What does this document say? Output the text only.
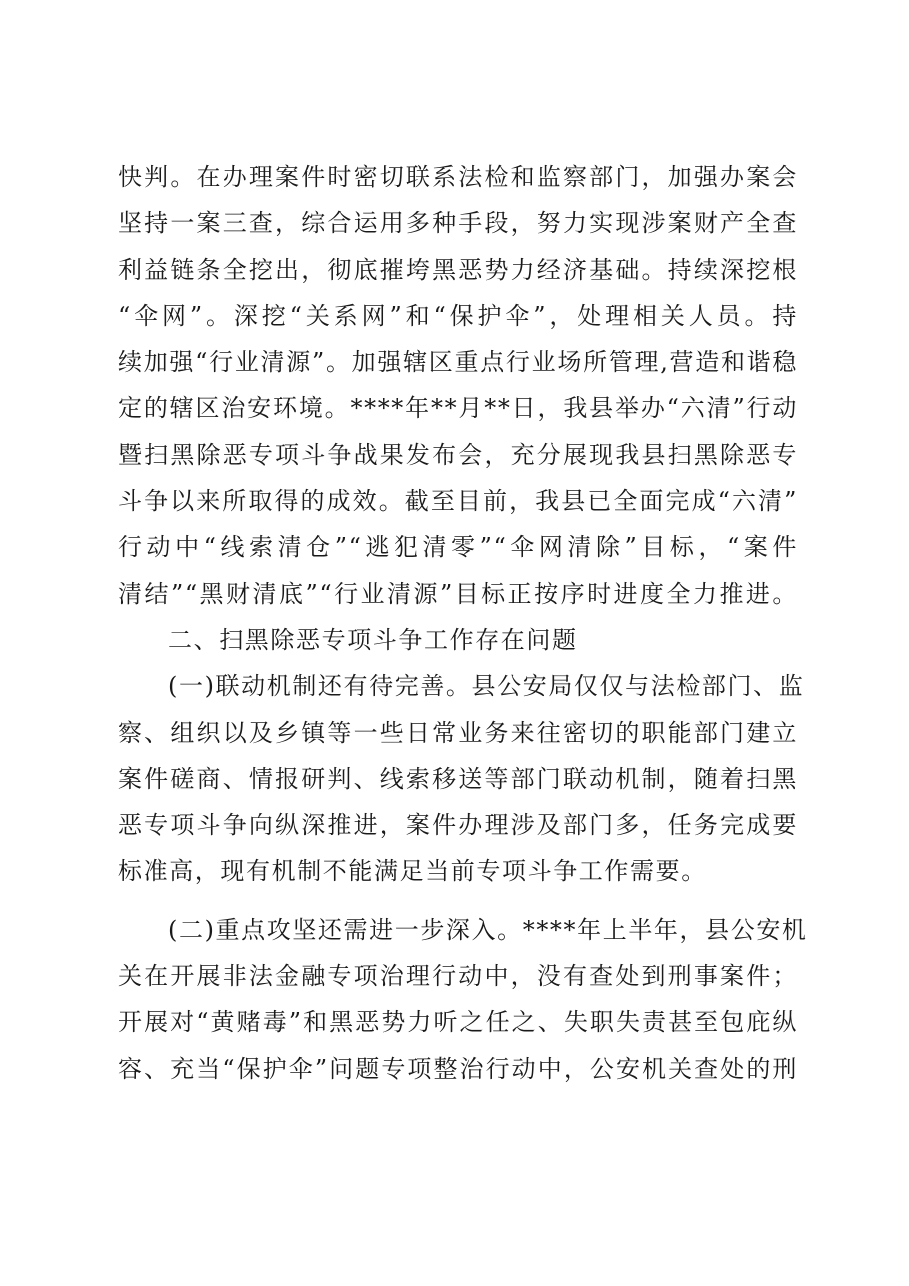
快判。在办理案件时密切联系法检和监察部门，加强办案会
坚持一案三查，综合运用多种手段，努力实现涉案财产全查
利益链条全挖出，彻底摧垮黑恶势力经济基础。持续深挖根
“伞网”。深挖“关系网”和“保护伞”，处理相关人员。持
续加强“行业清源”。加强辖区重点行业场所管理,营造和谐稳
定的辖区治安环境。****年**月**日，我县举办“六清”行动
暨扫黑除恶专项斗争战果发布会，充分展现我县扫黑除恶专
斗争以来所取得的成效。截至目前，我县已全面完成“六清”
行动中“线索清仓”“逃犯清零”“伞网清除”目标，“案件
清结”“黑财清底”“行业清源”目标正按序时进度全力推进。
二、扫黑除恶专项斗争工作存在问题
(一)联动机制还有待完善。县公安局仅仅与法检部门、监
察、组织以及乡镇等一些日常业务来往密切的职能部门建立
案件磋商、情报研判、线索移送等部门联动机制，随着扫黑
恶专项斗争向纵深推进，案件办理涉及部门多，任务完成要
标准高，现有机制不能满足当前专项斗争工作需要。
(二)重点攻坚还需进一步深入。****年上半年，县公安机
关在开展非法金融专项治理行动中，没有查处到刑事案件；
开展对“黄赌毒”和黑恶势力听之任之、失职失责甚至包庇纵
容、充当“保护伞”问题专项整治行动中，公安机关查处的刑
